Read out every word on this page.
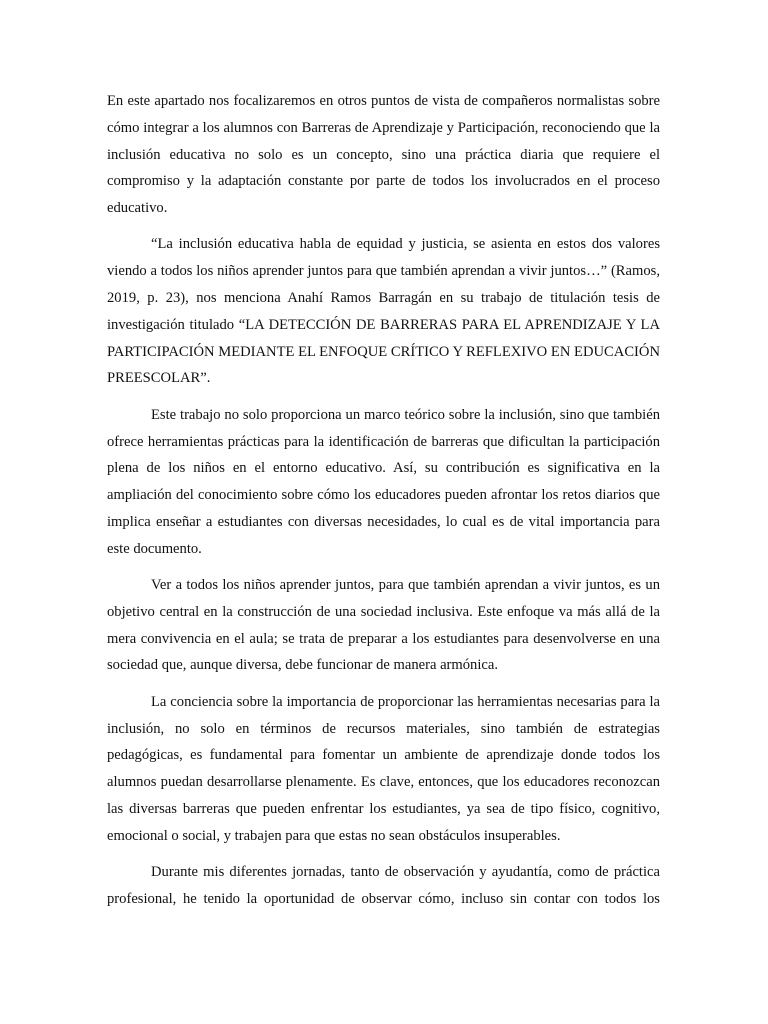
En este apartado nos focalizaremos en otros puntos de vista de compañeros normalistas sobre cómo integrar a los alumnos con Barreras de Aprendizaje y Participación, reconociendo que la inclusión educativa no solo es un concepto, sino una práctica diaria que requiere el compromiso y la adaptación constante por parte de todos los involucrados en el proceso educativo.

“La inclusión educativa habla de equidad y justicia, se asienta en estos dos valores viendo a todos los niños aprender juntos para que también aprendan a vivir juntos…” (Ramos, 2019, p. 23), nos menciona Anahí Ramos Barragán en su trabajo de titulación tesis de investigación titulado “LA DETECCIÓN DE BARRERAS PARA EL APRENDIZAJE Y LA PARTICIPACIÓN MEDIANTE EL ENFOQUE CRÍTICO Y REFLEXIVO EN EDUCACIÓN PREESCOLAR”.

Este trabajo no solo proporciona un marco teórico sobre la inclusión, sino que también ofrece herramientas prácticas para la identificación de barreras que dificultan la participación plena de los niños en el entorno educativo. Así, su contribución es significativa en la ampliación del conocimiento sobre cómo los educadores pueden afrontar los retos diarios que implica enseñar a estudiantes con diversas necesidades, lo cual es de vital importancia para este documento.

Ver a todos los niños aprender juntos, para que también aprendan a vivir juntos, es un objetivo central en la construcción de una sociedad inclusiva. Este enfoque va más allá de la mera convivencia en el aula; se trata de preparar a los estudiantes para desenvolverse en una sociedad que, aunque diversa, debe funcionar de manera armónica.

La conciencia sobre la importancia de proporcionar las herramientas necesarias para la inclusión, no solo en términos de recursos materiales, sino también de estrategias pedagógicas, es fundamental para fomentar un ambiente de aprendizaje donde todos los alumnos puedan desarrollarse plenamente. Es clave, entonces, que los educadores reconozcan las diversas barreras que pueden enfrentar los estudiantes, ya sea de tipo físico, cognitivo, emocional o social, y trabajen para que estas no sean obstáculos insuperables.

Durante mis diferentes jornadas, tanto de observación y ayudantía, como de práctica profesional, he tenido la oportunidad de observar cómo, incluso sin contar con todos los
